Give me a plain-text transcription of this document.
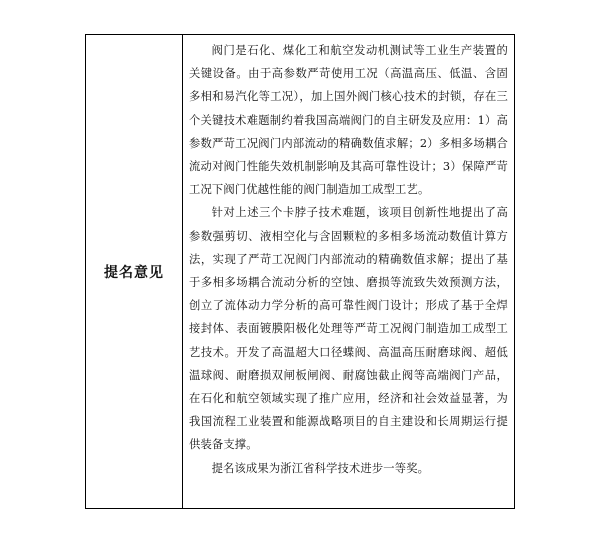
提名意见

阀门是石化、煤化工和航空发动机测试等工业生产装置的关键设备。由于高参数严苛使用工况（高温高压、低温、含固多相和易汽化等工况），加上国外阀门核心技术的封锁，存在三个关键技术难题制约着我国高端阀门的自主研发及应用：1）高参数严苛工况阀门内部流动的精确数值求解；2）多相多场耦合流动对阀门性能失效机制影响及其高可靠性设计；3）保障严苛工况下阀门优越性能的阀门制造加工成型工艺。

针对上述三个卡脖子技术难题，该项目创新性地提出了高参数强剪切、液相空化与含固颗粒的多相多场流动数值计算方法，实现了严苛工况阀门内部流动的精确数值求解；提出了基于多相多场耦合流动分析的空蚀、磨损等流致失效预测方法，创立了流体动力学分析的高可靠性阀门设计；形成了基于全焊接封体、表面镀膜阳极化处理等严苛工况阀门制造加工成型工艺技术。开发了高温超大口径蝶阀、高温高压耐磨球阀、超低温球阀、耐磨损双闸板闸阀、耐腐蚀截止阀等高端阀门产品，在石化和航空领域实现了推广应用，经济和社会效益显著，为我国流程工业装置和能源战略项目的自主建设和长周期运行提供装备支撑。

提名该成果为浙江省科学技术进步一等奖。
